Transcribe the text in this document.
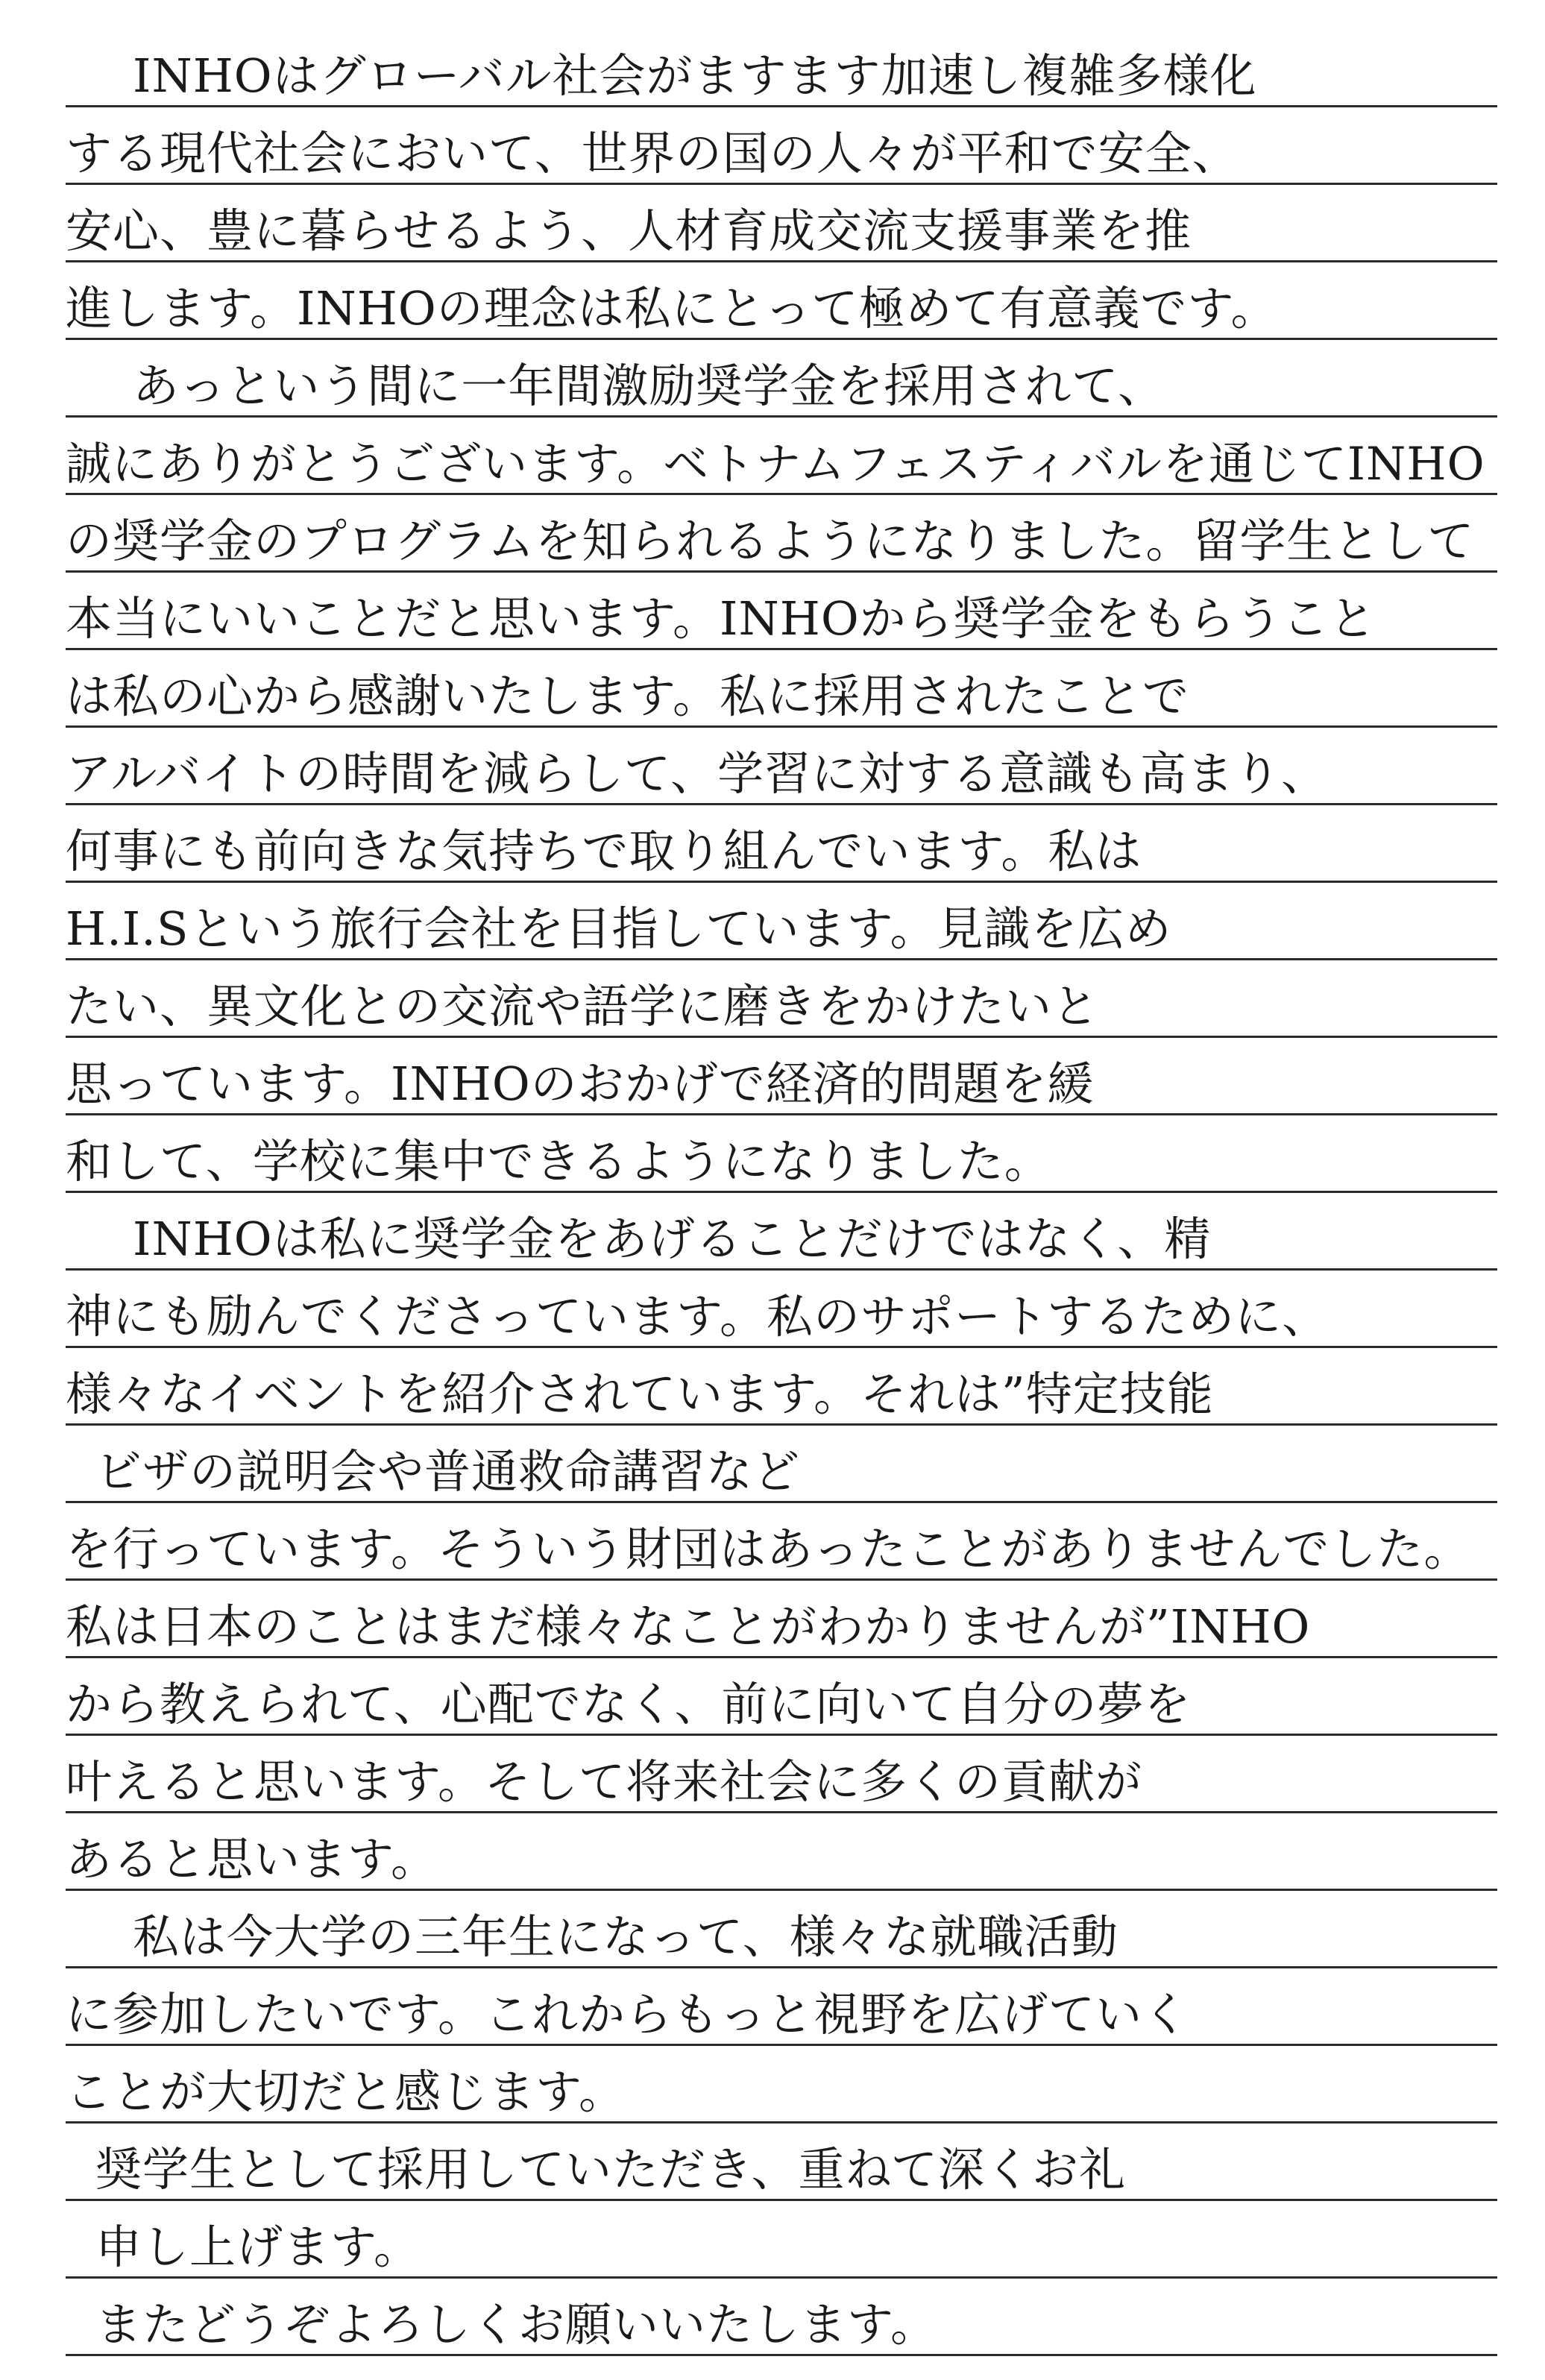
INHOはグローバル社会がますます加速し複雑多様化
する現代社会において、世界の国の人々が平和で安全、
安心、豊に暮らせるよう、人材育成交流支援事業を推
進します。INHOの理念は私にとって極めて有意義です。
あっという間に一年間激励奨学金を採用されて、
誠にありがとうございます。ベトナムフェスティバルを通じてINHO
の奨学金のプログラムを知られるようになりました。留学生として
本当にいいことだと思います。INHOから奨学金をもらうこと
は私の心から感謝いたします。私に採用されたことで
アルバイトの時間を減らして、学習に対する意識も高まり、
何事にも前向きな気持ちで取り組んでいます。私は
H.I.Sという旅行会社を目指しています。見識を広め
たい、異文化との交流や語学に磨きをかけたいと
思っています。INHOのおかげで経済的問題を緩
和して、学校に集中できるようになりました。
INHOは私に奨学金をあげることだけではなく、精
神にも励んでくださっています。私のサポートするために、
様々なイベントを紹介されています。それは”特定技能
ビザの説明会や普通救命講習など
を行っています。そういう財団はあったことがありませんでした。
私は日本のことはまだ様々なことがわかりませんが”INHO
から教えられて、心配でなく、前に向いて自分の夢を
叶えると思います。そして将来社会に多くの貢献が
あると思います。
私は今大学の三年生になって、様々な就職活動
に参加したいです。これからもっと視野を広げていく
ことが大切だと感じます。
奨学生として採用していただき、重ねて深くお礼
申し上げます。
またどうぞよろしくお願いいたします。
